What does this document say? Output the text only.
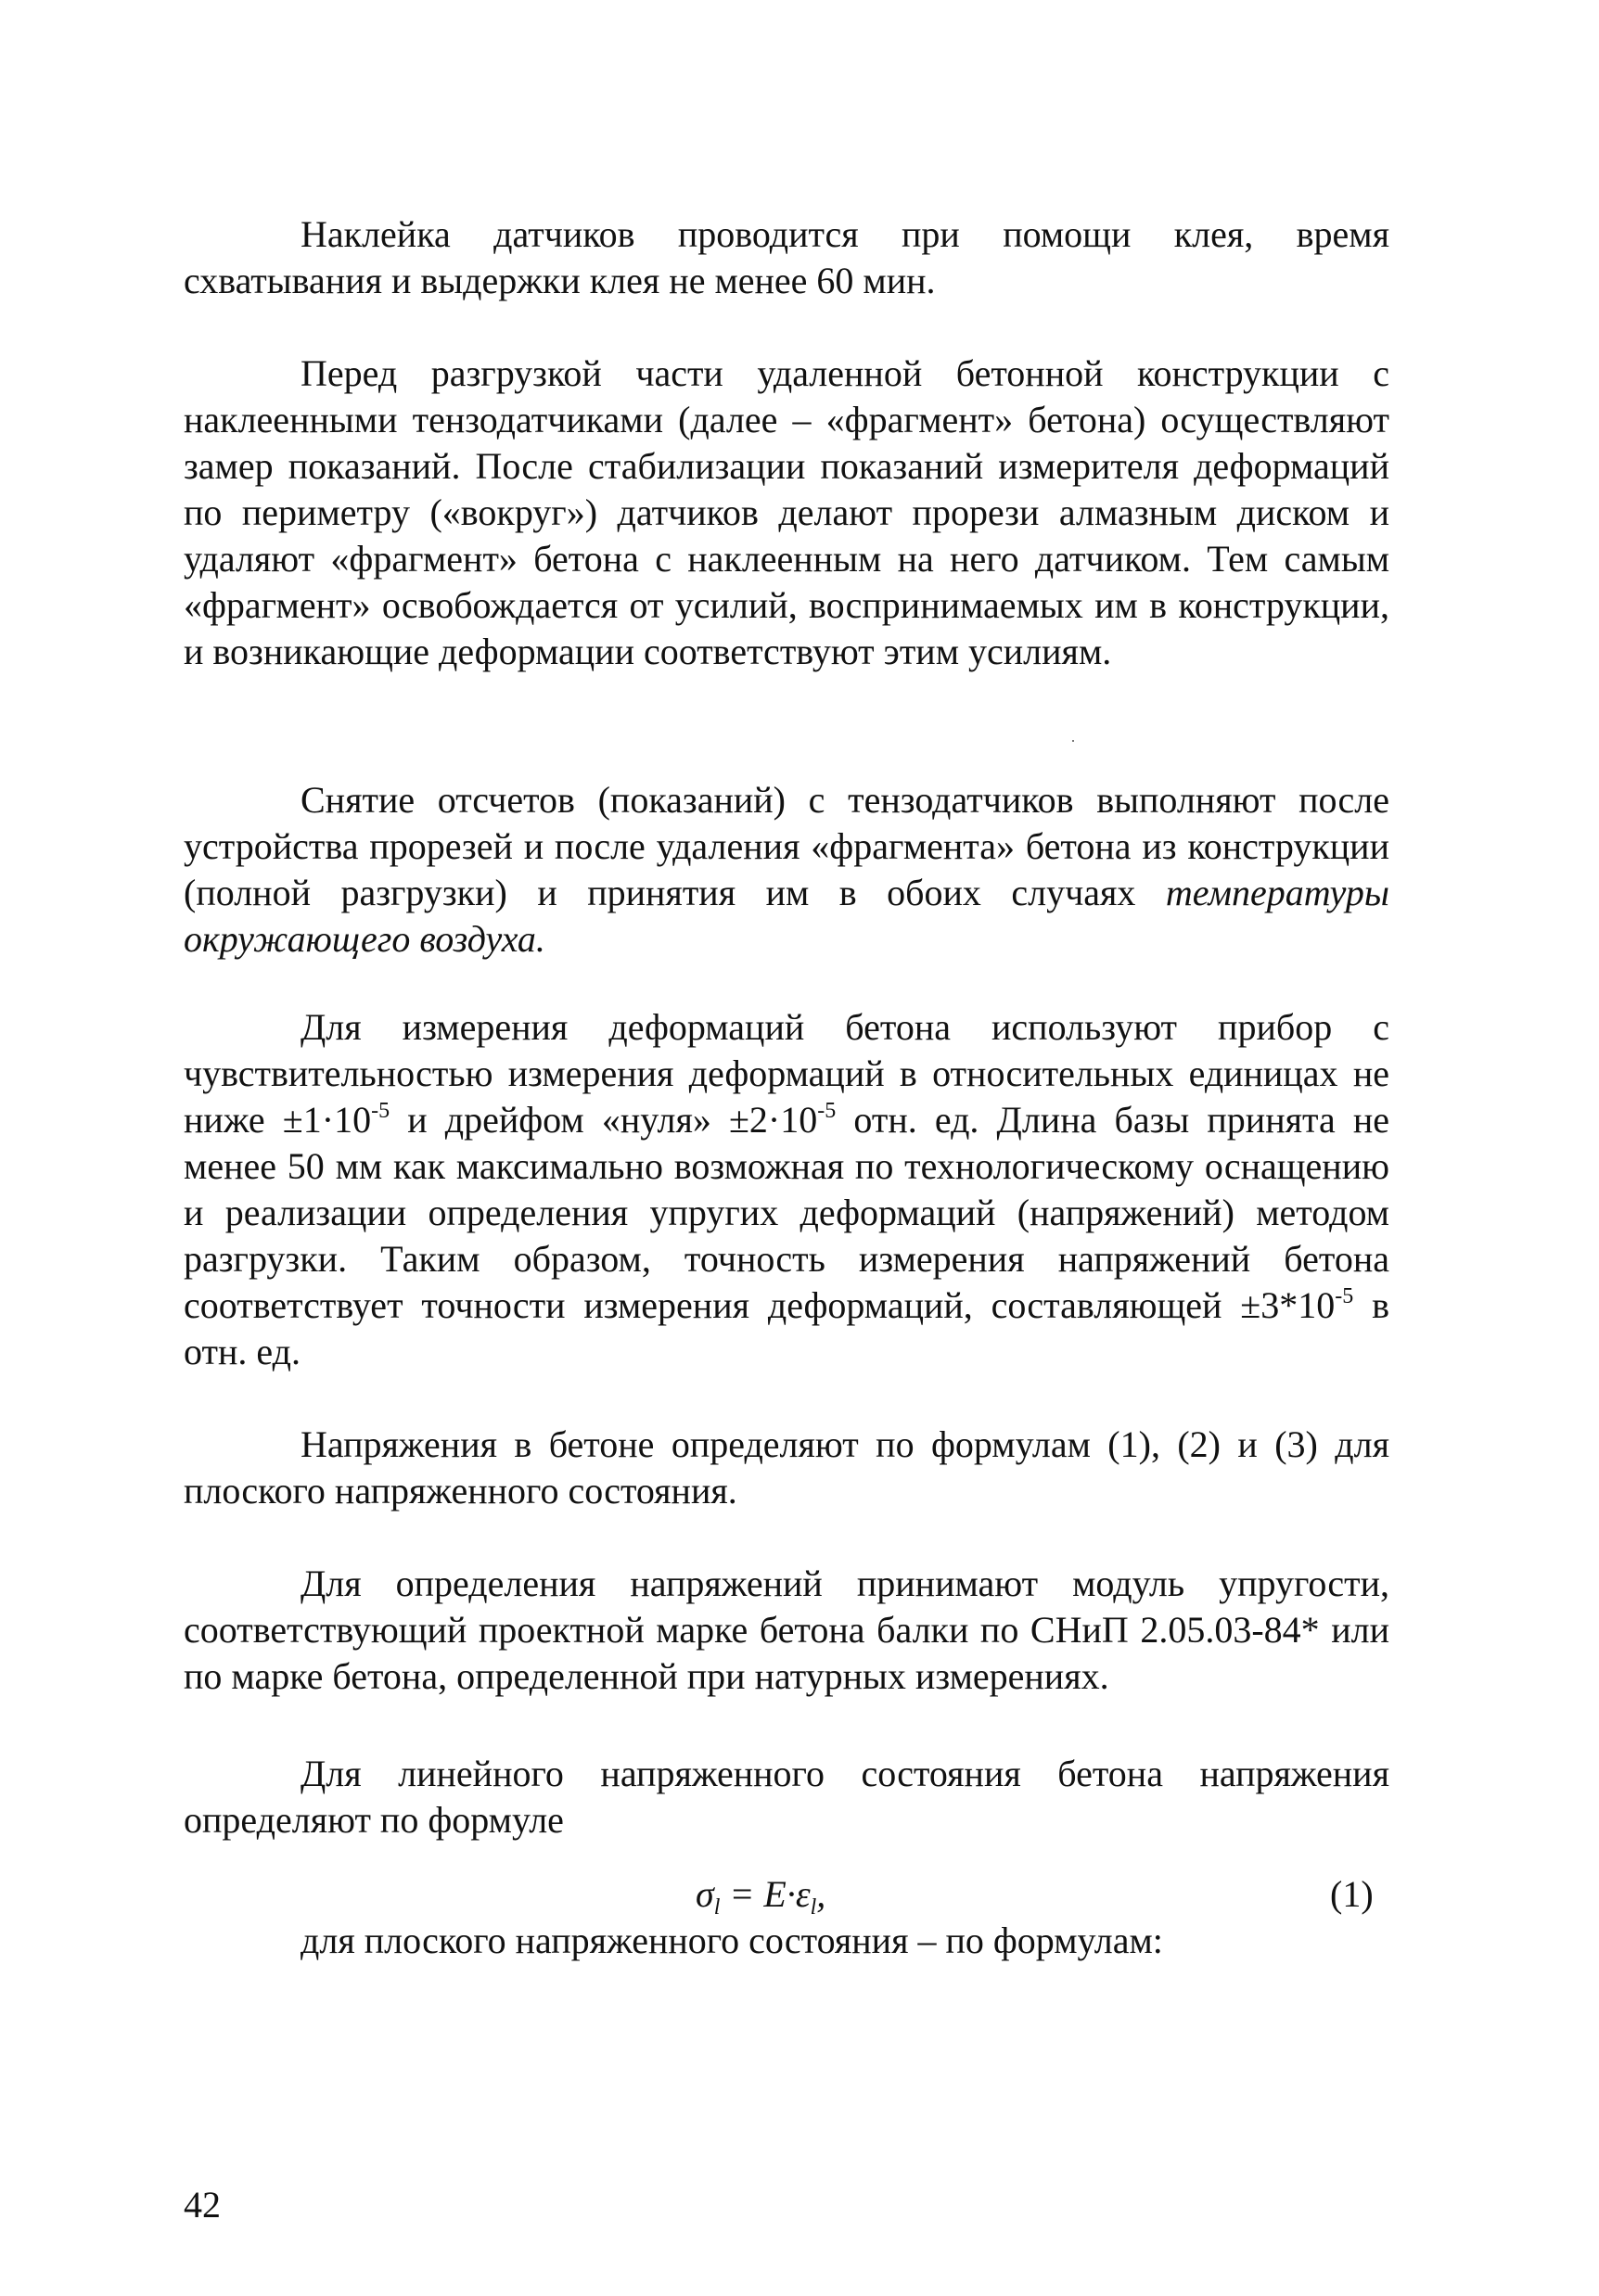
Наклейка датчиков проводится при помощи клея, время схватывания и выдержки клея не менее 60 мин.

Перед разгрузкой части удаленной бетонной конструкции с наклеенными тензодатчиками (далее – «фрагмент» бетона) осуществляют замер показаний. После стабилизации показаний измерителя деформаций по периметру («вокруг») датчиков делают прорези алмазным диском и удаляют «фрагмент» бетона с наклеенным на него датчиком. Тем самым «фрагмент» освобождается от усилий, воспринимаемых им в конструкции, и возникающие деформации соответствуют этим усилиям.

Снятие отсчетов (показаний) с тензодатчиков выполняют после устройства прорезей и после удаления «фрагмента» бетона из конструкции (полной разгрузки) и принятия им в обоих случаях температуры окружающего воздуха.

Для измерения деформаций бетона используют прибор с чувствительностью измерения деформаций в относительных единицах не ниже $\pm 1\cdot 10^{-5}$ и дрейфом «нуля» $\pm 2\cdot 10^{-5}$ отн. ед. Длина базы принята не менее 50 мм как максимально возможная по технологическому оснащению и реализации определения упругих деформаций (напряжений) методом разгрузки. Таким образом, точность измерения напряжений бетона соответствует точности измерения деформаций, составляющей $\pm 3*10^{-5}$ в отн. ед.

Напряжения в бетоне определяют по формулам (1), (2) и (3) для плоского напряженного состояния.

Для определения напряжений принимают модуль упругости, соответствующий проектной марке бетона балки по СНиП 2.05.03-84* или по марке бетона, определенной при натурных измерениях.

Для линейного напряженного состояния бетона напряжения определяют по формуле

$\sigma_l = E\cdot\varepsilon_l$,	(1)

для плоского напряженного состояния – по формулам:

42
